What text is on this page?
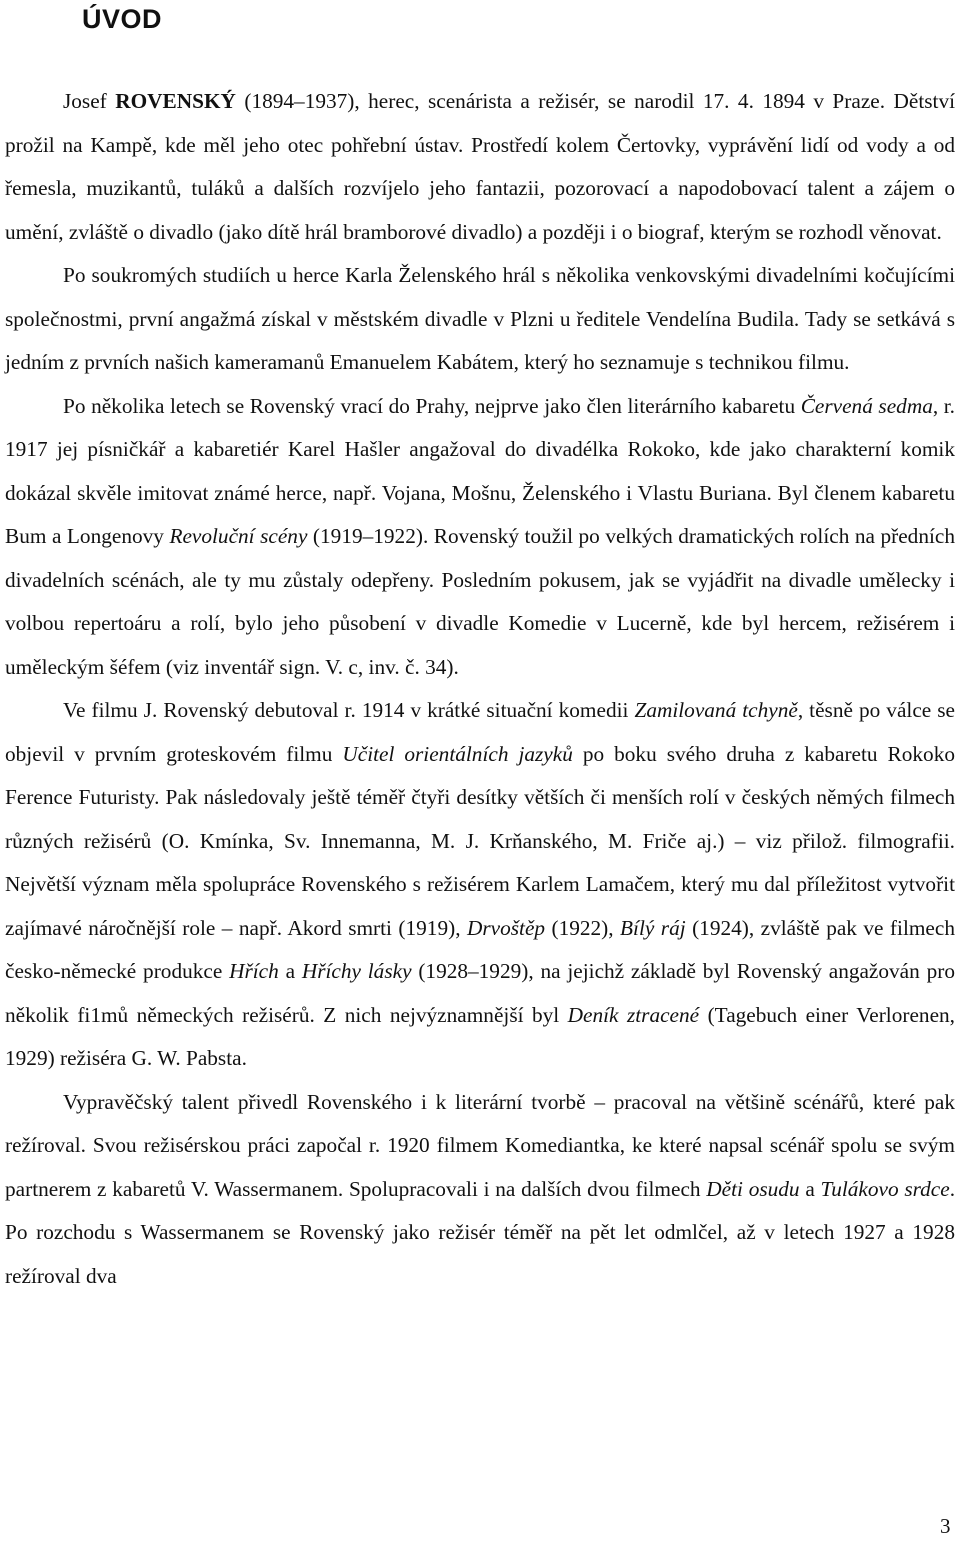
ÚVOD

Josef ROVENSKÝ (1894–1937), herec, scenárista a režisér, se narodil 17. 4. 1894 v Praze. Dětství prožil na Kampě, kde měl jeho otec pohřební ústav. Prostředí kolem Čertovky, vyprávění lidí od vody a od řemesla, muzikantů, tuláků a dalších rozvíjelo jeho fantazii, pozorovací a napodobovací talent a zájem o umění, zvláště o divadlo (jako dítě hrál bramborové divadlo) a později i o biograf, kterým se rozhodl věnovat.

Po soukromých studiích u herce Karla Želenského hrál s několika venkovskými divadelními kočujícími společnostmi, první angažmá získal v městském divadle v Plzni u ředitele Vendelína Budila. Tady se setkává s jedním z prvních našich kameramanů Emanuelem Kabátem, který ho seznamuje s technikou filmu.

Po několika letech se Rovenský vrací do Prahy, nejprve jako člen literárního kabaretu Červená sedma, r. 1917 jej písničkář a kabaretiér Karel Hašler angažoval do divadélka Rokoko, kde jako charakterní komik dokázal skvěle imitovat známé herce, např. Vojana, Mošnu, Želenského i Vlastu Buriana. Byl členem kabaretu Bum a Longenovy Revoluční scény (1919–1922). Rovenský toužil po velkých dramatických rolích na předních divadelních scénách, ale ty mu zůstaly odepřeny. Posledním pokusem, jak se vyjádřit na divadle umělecky i volbou repertoáru a rolí, bylo jeho působení v divadle Komedie v Lucerně, kde byl hercem, režisérem i uměleckým šéfem (viz inventář sign. V. c, inv. č. 34).

Ve filmu J. Rovenský debutoval r. 1914 v krátké situační komedii Zamilovaná tchyně, těsně po válce se objevil v prvním groteskovém filmu Učitel orientálních jazyků po boku svého druha z kabaretu Rokoko Ference Futuristy. Pak následovaly ještě téměř čtyři desítky větších či menších rolí v českých němých filmech různých režisérů (O. Kmínka, Sv. Innemanna, M. J. Krňanského, M. Friče aj.) – viz přilož. filmografii. Největší význam měla spolupráce Rovenského s režisérem Karlem Lamačem, který mu dal příležitost vytvořit zajímavé náročnější role – např. Akord smrti (1919), Drvoštěp (1922), Bílý ráj (1924), zvláště pak ve filmech česko-německé produkce Hřích a Hříchy lásky (1928–1929), na jejichž základě byl Rovenský angažován pro několik fi1mů německých režisérů. Z nich nejvýznamnější byl Deník ztracené (Tagebuch einer Verlorenen, 1929) režiséra G. W. Pabsta.

Vypravěčský talent přivedl Rovenského i k literární tvorbě – pracoval na většině scénářů, které pak režíroval. Svou režisérskou práci započal r. 1920 filmem Komediantka, ke které napsal scénář spolu se svým partnerem z kabaretů V. Wassermanem. Spolupracovali i na dalších dvou filmech Děti osudu a Tulákovo srdce. Po rozchodu s Wassermanem se Rovenský jako režisér téměř na pět let odmlčel, až v letech 1927 a 1928 režíroval dva

3
